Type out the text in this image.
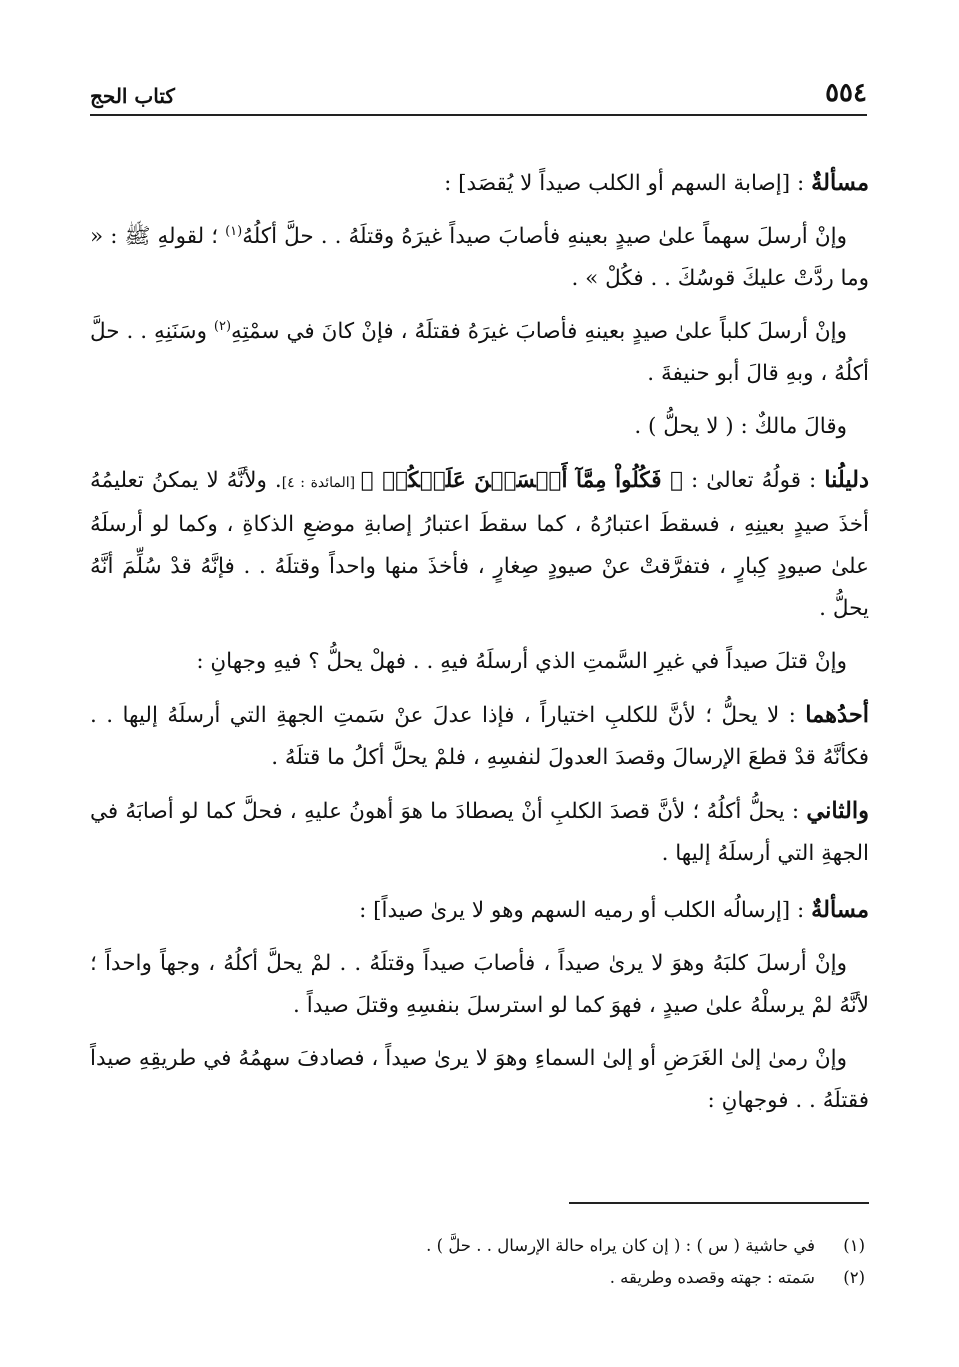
٥٥٤
كتاب الحج

مسألةٌ : [إصابة السهم أو الكلب صيداً لا يُقصَد] :

وإنْ أرسلَ سهماً علىٰ صيدٍ بعينهِ فأصابَ صيداً غيرَهُ وقتلَهُ . . حلَّ أكلُهُ$^{(١)}$ ؛ لقولهِ ﷺ : « وما ردَّتْ عليكَ قوسُكَ . . فكُلْ » .

وإنْ أرسلَ كلباً علىٰ صيدٍ بعينهِ فأصابَ غيرَهُ فقتلَهُ ، فإنْ كانَ في سمْتِهِ$^{(٢)}$ وسَنَنِهِ . . حلَّ أكلُهُ ، وبهِ قالَ أبو حنيفةَ .

وقالَ مالكٌ : ( لا يحلُّ ) .

دليلُنا : قولُهُ تعالىٰ : ﴿ فَكُلُواْ مِمَّآ أَمۡسَكۡنَ عَلَيۡكُمۡ ﴾ [المائدة : ٤]. ولأنَّهُ لا يمكنُ تعليمُهُ أخذَ صيدٍ بعينِهِ ، فسقطَ اعتبارُهُ ، كما سقطَ اعتبارُ إصابةِ موضعِ الذكاةِ ، وكما لو أرسلَهُ علىٰ صيودٍ كِبارٍ ، فتفرَّقتْ عنْ صيودٍ صِغارٍ ، فأخذَ منها واحداً وقتلَهُ . . فإنَّهُ قدْ سُلِّمَ أنَّهُ يحلُّ .

وإنْ قتلَ صيداً في غيرِ السَّمتِ الذي أرسلَهُ فيهِ . . فهلْ يحلُّ ؟ فيهِ وجهانِ :

أحدُهما : لا يحلُّ ؛ لأنَّ للكلبِ اختياراً ، فإذا عدلَ عنْ سَمتِ الجهةِ التي أرسلَهُ إليها . . فكأنَّهُ قدْ قطعَ الإرسالَ وقصدَ العدولَ لنفسِهِ ، فلمْ يحلَّ أكلُ ما قتلَهُ .

والثاني : يحلُّ أكلُهُ ؛ لأنَّ قصدَ الكلبِ أنْ يصطادَ ما هوَ أهونُ عليهِ ، فحلَّ كما لو أصابَهُ في الجهةِ التي أرسلَهُ إليها .

مسألةٌ : [إرسالُه الكلب أو رميه السهم وهو لا يرىٰ صيداً] :

وإنْ أرسلَ كلبَهُ وهوَ لا يرىٰ صيداً ، فأصابَ صيداً وقتلَهُ . . لمْ يحلَّ أكلُهُ ، وجهاً واحداً ؛ لأنَّهُ لمْ يرسلْهُ علىٰ صيدٍ ، فهوَ كما لو استرسلَ بنفسِهِ وقتلَ صيداً .

وإنْ رمىٰ إلىٰ الغَرَضِ أو إلىٰ السماءِ وهوَ لا يرىٰ صيداً ، فصادفَ سهمُهُ في طريقِهِ صيداً فقتلَهُ . . فوجهانِ :

(١)
في حاشية ( س ) : ( إن كان يراه حالة الإرسال . . حلَّ ) .
(٢)
سَمته : جهته وقصده وطريقه .
